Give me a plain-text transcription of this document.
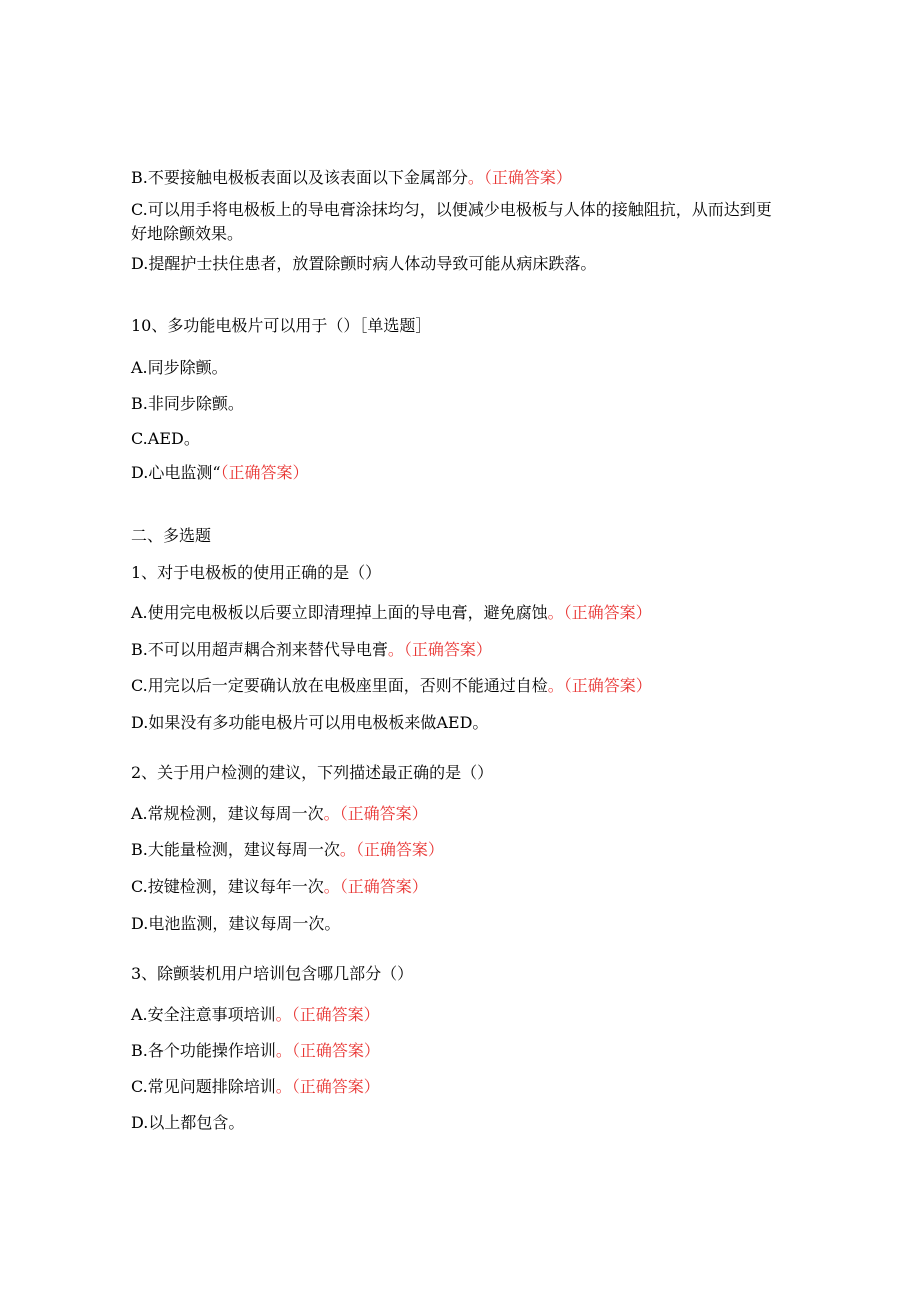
B.不要接触电极板表面以及该表面以下金属部分。（正确答案）
C.可以用手将电极板上的导电膏涂抹均匀，以便减少电极板与人体的接触阻抗，从而达到更好地除颤效果。
D.提醒护士扶住患者，放置除颤时病人体动导致可能从病床跌落。
10、多功能电极片可以用于（）［单选题］
A.同步除颤。
B.非同步除颤。
C.AED。
D.心电监测“（正确答案）
二、多选题
1、对于电极板的使用正确的是（）
A.使用完电极板以后要立即清理掉上面的导电膏，避免腐蚀。（正确答案）
B.不可以用超声耦合剂来替代导电膏。（正确答案）
C.用完以后一定要确认放在电极座里面，否则不能通过自检。（正确答案）
D.如果没有多功能电极片可以用电极板来做AED。
2、关于用户检测的建议，下列描述最正确的是（）
A.常规检测，建议每周一次。（正确答案）
B.大能量检测，建议每周一次。（正确答案）
C.按键检测，建议每年一次。（正确答案）
D.电池监测，建议每周一次。
3、除颤装机用户培训包含哪几部分（）
A.安全注意事项培训。（正确答案）
B.各个功能操作培训。（正确答案）
C.常见问题排除培训。（正确答案）
D.以上都包含。
